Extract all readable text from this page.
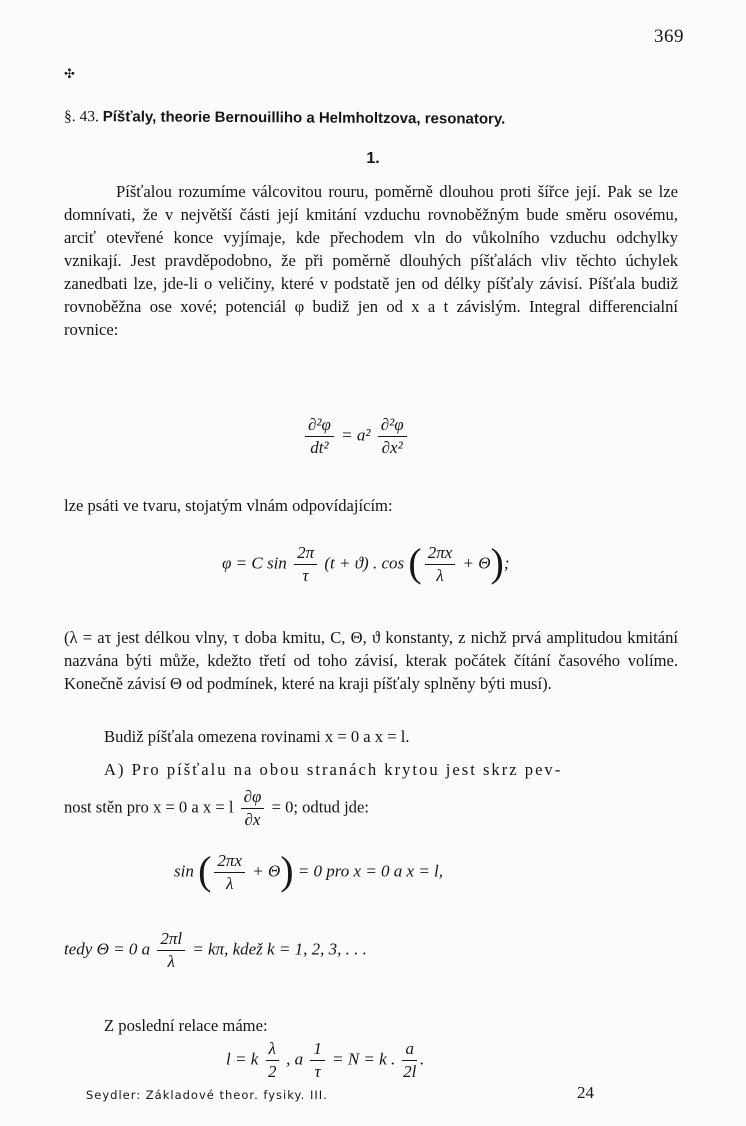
369
✣
§. 43. Píšťaly, theorie Bernouilliho a Helmholtzova, resonatory.
1.
Píšťalou rozumíme válcovitou rouru, poměrně dlouhou proti šířce její. Pak se lze domnívati, že v největší části její kmitání vzduchu rovnoběžným bude směru osovému, arciť otevřené konce vyjímaje, kde přechodem vln do vůkolního vzduchu odchylky vznikají. Jest pravděpodobno, že při poměrně dlouhých píšťalách vliv těchto úchylek zanedbati lze, jde-li o veličiny, které v podstatě jen od délky píšťaly závisí. Píšťala budiž rovnoběžna ose xové; potenciál φ budiž jen od x a t závislým. Integral differencialní rovnice:
$\frac{\text{∂²φ}}{\text{dt²}} = a^2 \frac{\text{∂²φ}}{\text{∂x²}}$
lze psáti ve tvaru, stojatým vlnám odpovídajícím:
φ = C $\sin \frac{2\pi}{\tau} (t + ϑ)$ . cos ( $\frac{2\pi x}{\lambda} + \Theta$);
(λ = aτ jest délkou vlny, τ doba kmitu, C, Θ, ϑ konstanty, z nichž prvá amplitudou kmitání nazvána býti může, kdežto třetí od toho závisí, kterak počátek čítání časového volíme. Konečně závisí Θ od podmínek, které na kraji píšťaly splněny býti musí).
Budiž píšťala omezena rovinami x = 0 a x = l.
A) Pro píšťalu na obou stranách krytou jest skrz pev-
nost stěn pro x = 0 a x = l $\frac{\partial\varphi}{\partial x} = 0$; odtud jde:
sin ( $\frac{2\pi x}{\lambda} + \Theta) = 0$ pro x = 0 a x = l,
tedy Θ = 0 a $\frac{2\pi l}{\lambda} = k\pi$, kdež k = 1, 2, 3, . . .
Z poslední relace máme:
l = k $\frac{\lambda}{2}$ , a $\frac{1}{\tau} = N = k$ . $\frac{a}{2l}$ .
Seydler: Základové theor. fysiky. III.	24
